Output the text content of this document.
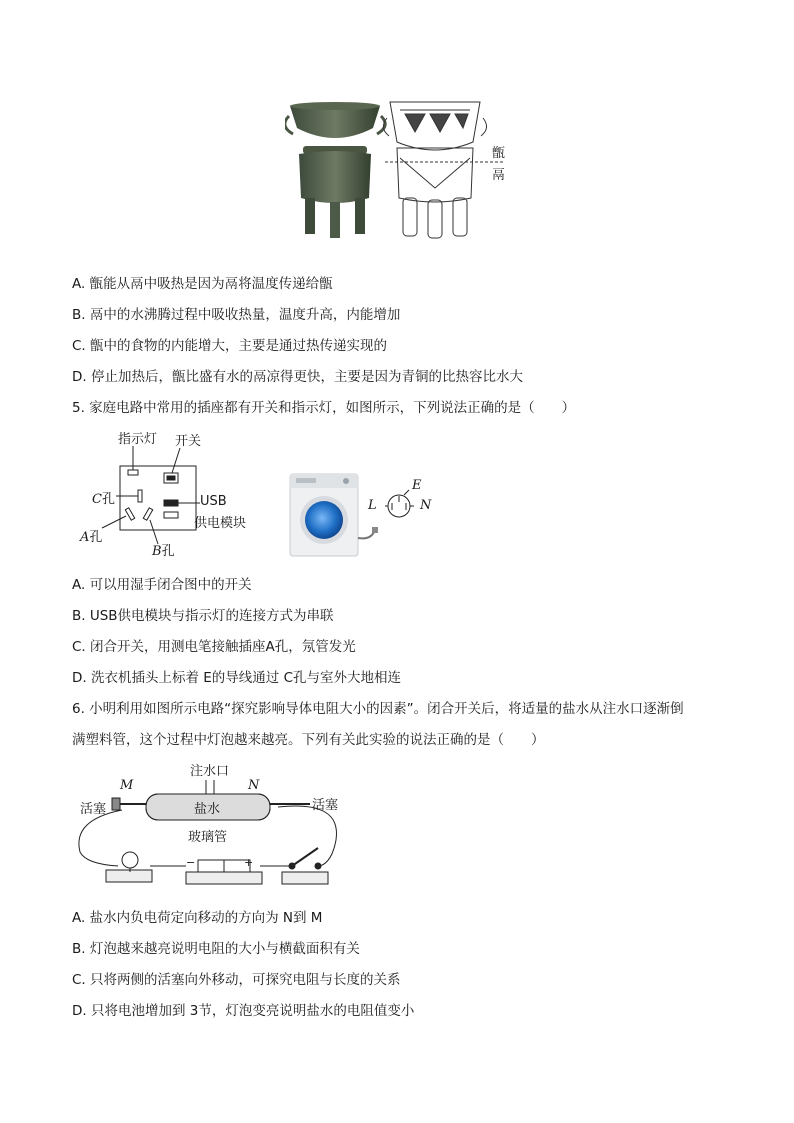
甑
鬲
A. 甑能从鬲中吸热是因为鬲将温度传递给甑
B. 鬲中的水沸腾过程中吸收热量，温度升高，内能增加
C. 甑中的食物的内能增大，主要是通过热传递实现的
D. 停止加热后，甑比盛有水的鬲凉得更快，主要是因为青铜的比热容比水大
5. 家庭电路中常用的插座都有开关和指示灯，如图所示，下列说法正确的是（　　）
指示灯 开关
C孔	USB
供电模块
A孔
B孔
L
E
N
A. 可以用湿手闭合图中的开关
B. USB供电模块与指示灯的连接方式为串联
C. 闭合开关，用测电笔接触插座A孔，氖管发光
D. 洗衣机插头上标着 E的导线通过 C孔与室外大地相连
6. 小明利用如图所示电路“探究影响导体电阻大小的因素”。闭合开关后，将适量的盐水从注水口逐渐倒
满塑料管，这个过程中灯泡越来越亮。下列有关此实验的说法正确的是（　　）
注水口
M	N
活塞	盐水	活塞
玻璃管
−	+
A. 盐水内负电荷定向移动的方向为 N到 M
B. 灯泡越来越亮说明电阻的大小与横截面积有关
C. 只将两侧的活塞向外移动，可探究电阻与长度的关系
D. 只将电池增加到 3节，灯泡变亮说明盐水的电阻值变小
